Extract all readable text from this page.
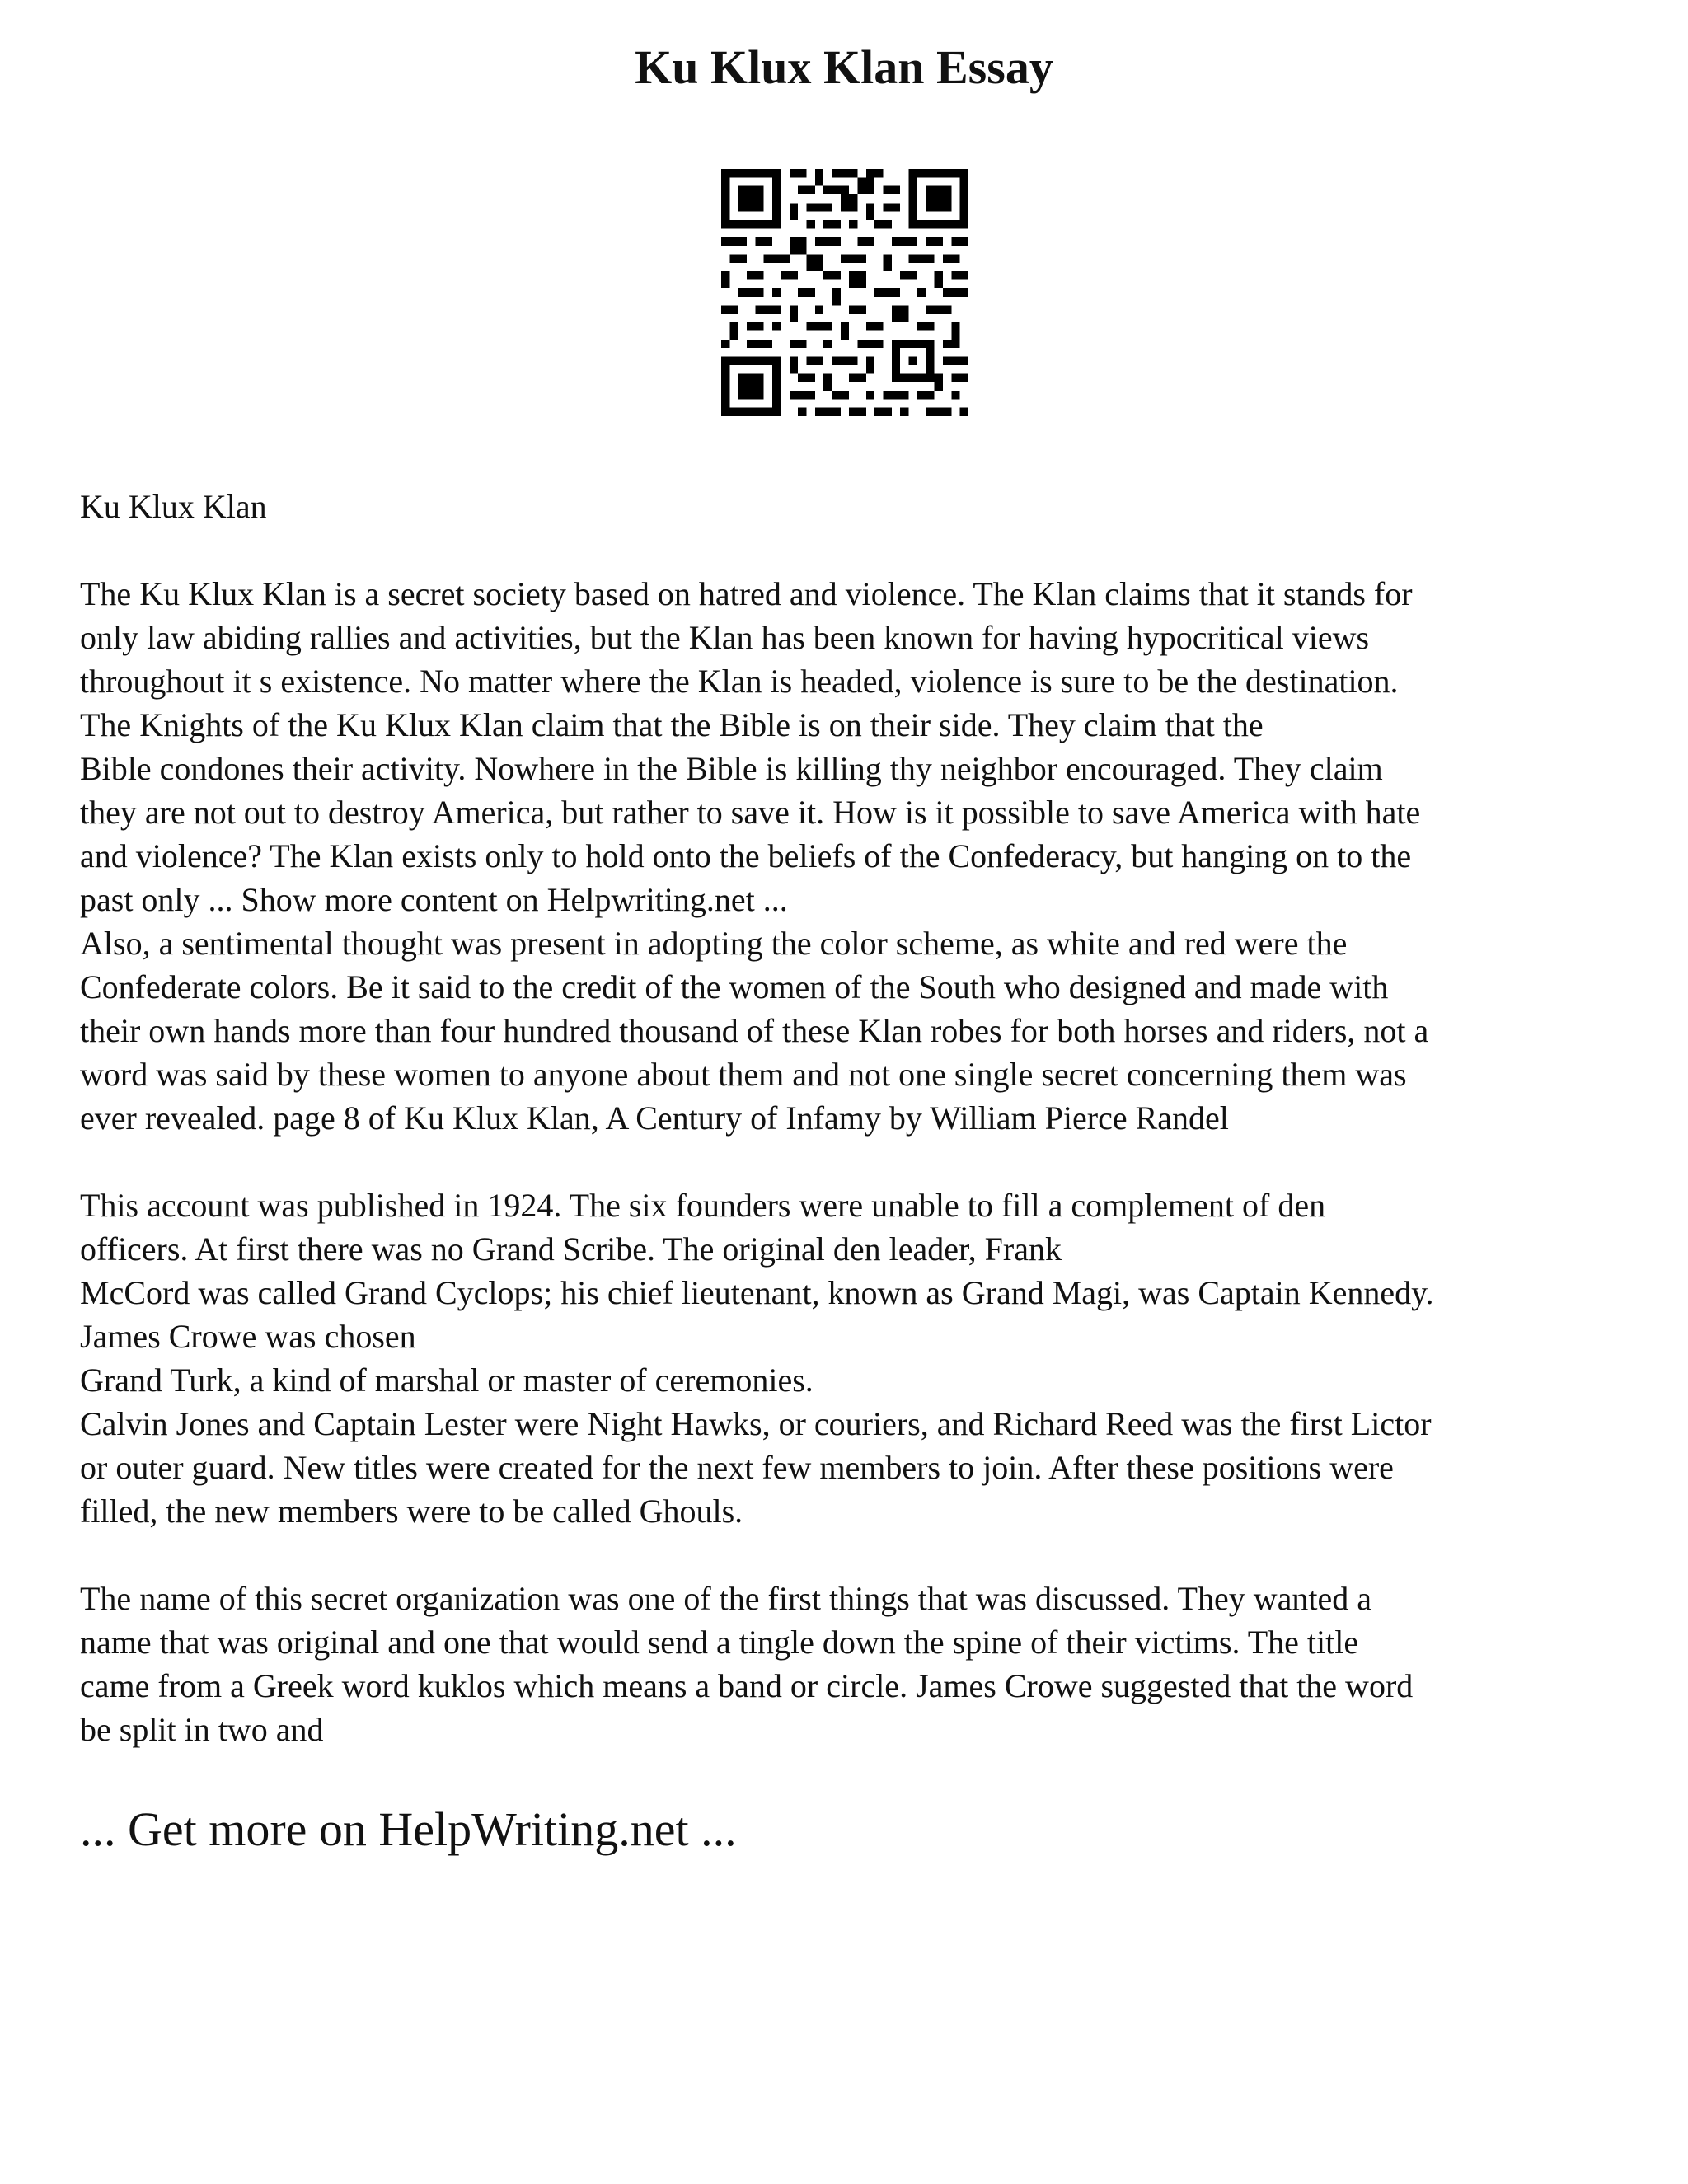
Ku Klux Klan Essay

Ku Klux Klan

The Ku Klux Klan is a secret society based on hatred and violence. The Klan claims that it stands for

only law abiding rallies and activities, but the Klan has been known for having hypocritical views

throughout it s existence. No matter where the Klan is headed, violence is sure to be the destination.

The Knights of the Ku Klux Klan claim that the Bible is on their side. They claim that the

Bible condones their activity. Nowhere in the Bible is killing thy neighbor encouraged. They claim

they are not out to destroy America, but rather to save it. How is it possible to save America with hate

and violence? The Klan exists only to hold onto the beliefs of the Confederacy, but hanging on to the

past only ... Show more content on Helpwriting.net ...

Also, a sentimental thought was present in adopting the color scheme, as white and red were the

Confederate colors. Be it said to the credit of the women of the South who designed and made with

their own hands more than four hundred thousand of these Klan robes for both horses and riders, not a

word was said by these women to anyone about them and not one single secret concerning them was

ever revealed. page 8 of Ku Klux Klan, A Century of Infamy by William Pierce Randel

This account was published in 1924. The six founders were unable to fill a complement of den

officers. At first there was no Grand Scribe. The original den leader, Frank

McCord was called Grand Cyclops; his chief lieutenant, known as Grand Magi, was Captain Kennedy.

James Crowe was chosen

Grand Turk, a kind of marshal or master of ceremonies.

Calvin Jones and Captain Lester were Night Hawks, or couriers, and Richard Reed was the first Lictor

or outer guard. New titles were created for the next few members to join. After these positions were

filled, the new members were to be called Ghouls.

The name of this secret organization was one of the first things that was discussed. They wanted a

name that was original and one that would send a tingle down the spine of their victims. The title

came from a Greek word kuklos which means a band or circle. James Crowe suggested that the word

be split in two and

... Get more on HelpWriting.net ...
